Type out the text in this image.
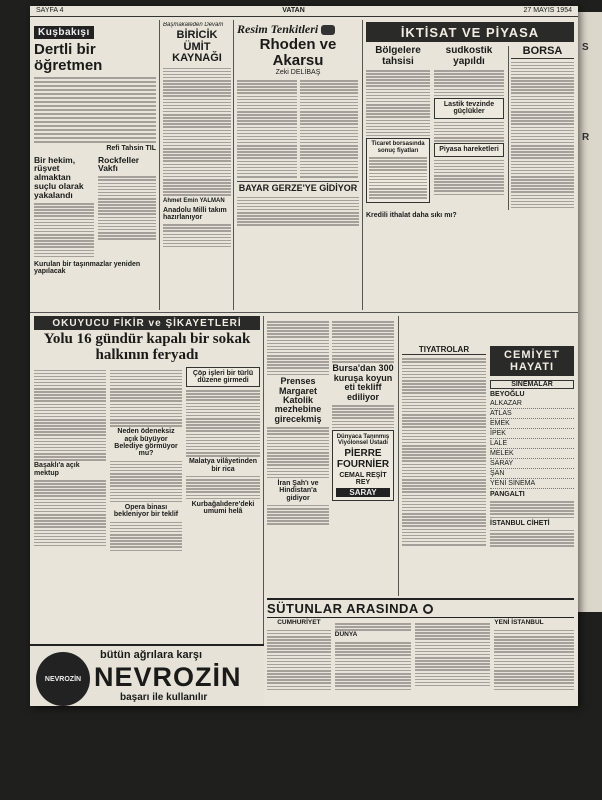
S
R
SAYFA 4	VATAN	27 MAYIS 1954
Kuşbakışı
Dertli bir öğretmen
Refi Tahsin TIL
Bir hekim, rüşvet almaktan suçlu olarak yakalandı
Rockfeller Vakfı
Kurulan bir taşınmazlar yeniden yapılacak
Başmakaleden Devam
BİRİCİK ÜMİT KAYNAĞI
Ahmet Emin YALMAN
Anadolu Milli takım hazırlanıyor
Resim Tenkitleri
Rhoden ve Akarsu
Zeki DELİBAŞ
BAYAR GERZE'YE GİDİYOR
İKTİSAT VE PİYASA
Bölgelere tahsisi
Ticaret borsasında sonuç fiyatları
sudkostik yapıldı
Lastik tevzinde güçlükler
Piyasa hareketleri
BORSA
Kredili ithalat daha sıkı mı?
OKUYUCU FİKİR ve ŞİKAYETLERİ
Yolu 16 gündür kapalı bir sokak halkının feryadı
Başaklı'a açık mektup
Neden ödeneksiz açık büyüyor Belediye görmüyor mu?
Opera binası bekleniyor bir teklif
Çöp işleri bir türlü düzene girmedi
Malatya vilâyetinden bir rica
Kurbağalıdere'deki umumi helâ
Prenses Margaret Katolik mezhebine girecekmiş
İran Şah'ı ve Hindistan'a gidiyor
Bursa'dan 300 kuruşa koyun eti tekliff ediliyor
Dünyaca Tanınmış Viyolonsel Üstadı
PİERRE FOURNİER
CEMAL REŞİT REY
SARAY
TİYATROLAR	CEMİYET HAYATI
SİNEMALAR
BEYOĞLU
ALKAZAR
ATLAS
EMEK
İPEK
LALE
MELEK
SARAY
ŞAN
YENİ SİNEMA
PANGALTI
İSTANBUL CİHETİ
SÜTUNLAR ARASINDA
CUMHURİYET
DÜNYA
YENİ İSTANBUL
bütün ağrılara karşı
NEVROZİN NEVROZİN
başarı ile kullanılır
